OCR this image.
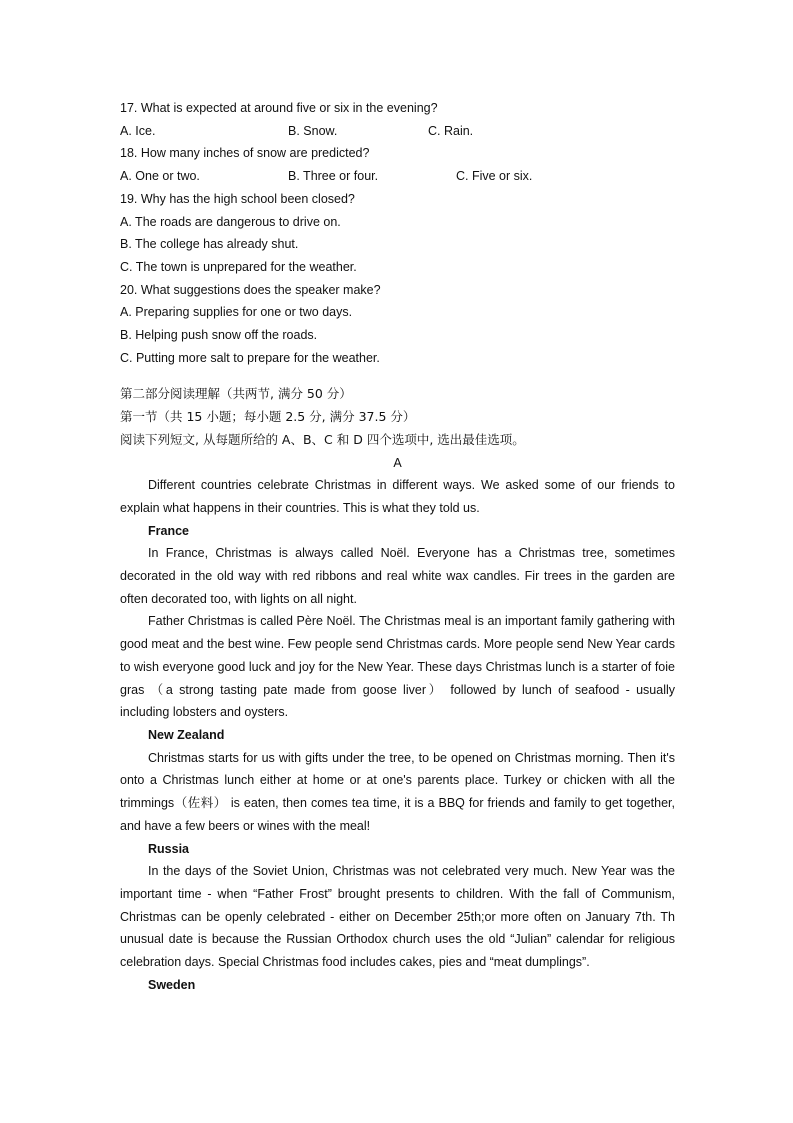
17. What is expected at around five or six in the evening?
A. Ice.	B. Snow.	C. Rain.
18. How many inches of snow are predicted?
A. One or two.	B. Three or four.	C. Five or six.
19. Why has the high school been closed?
A. The roads are dangerous to drive on.
B. The college has already shut.
C. The town is unprepared for the weather.
20. What suggestions does the speaker make?
A. Preparing supplies for one or two days.
B. Helping push snow off the roads.
C. Putting more salt to prepare for the weather.
第二部分阅读理解（共两节, 满分 50 分）
第一节（共 15 小题；每小题 2.5 分, 满分 37.5 分）
阅读下列短文, 从每题所给的 A、B、C 和 D 四个选项中, 选出最佳选项。
A
Different countries celebrate Christmas in different ways. We asked some of our friends to explain what happens in their countries. This is what they told us.
France
In France, Christmas is always called Noël. Everyone has a Christmas tree, sometimes decorated in the old way with red ribbons and real white wax candles. Fir trees in the garden are often decorated too, with lights on all night.
Father Christmas is called Père Noël. The Christmas meal is an important family gathering with good meat and the best wine. Few people send Christmas cards. More people send New Year cards to wish everyone good luck and joy for the New Year. These days Christmas lunch is a starter of foie gras （a strong tasting pate made from goose liver） followed by lunch of seafood - usually including lobsters and oysters.
New Zealand
Christmas starts for us with gifts under the tree, to be opened on Christmas morning. Then it's onto a Christmas lunch either at home or at one's parents place. Turkey or chicken with all the trimmings（佐料） is eaten, then comes tea time, it is a BBQ for friends and family to get together, and have a few beers or wines with the meal!
Russia
In the days of the Soviet Union, Christmas was not celebrated very much. New Year was the important time - when “Father Frost” brought presents to children. With the fall of Communism, Christmas can be openly celebrated - either on December 25th;or more often on January 7th. Th unusual date is because the Russian Orthodox church uses the old “Julian” calendar for religious celebration days. Special Christmas food includes cakes, pies and “meat dumplings”.
Sweden
